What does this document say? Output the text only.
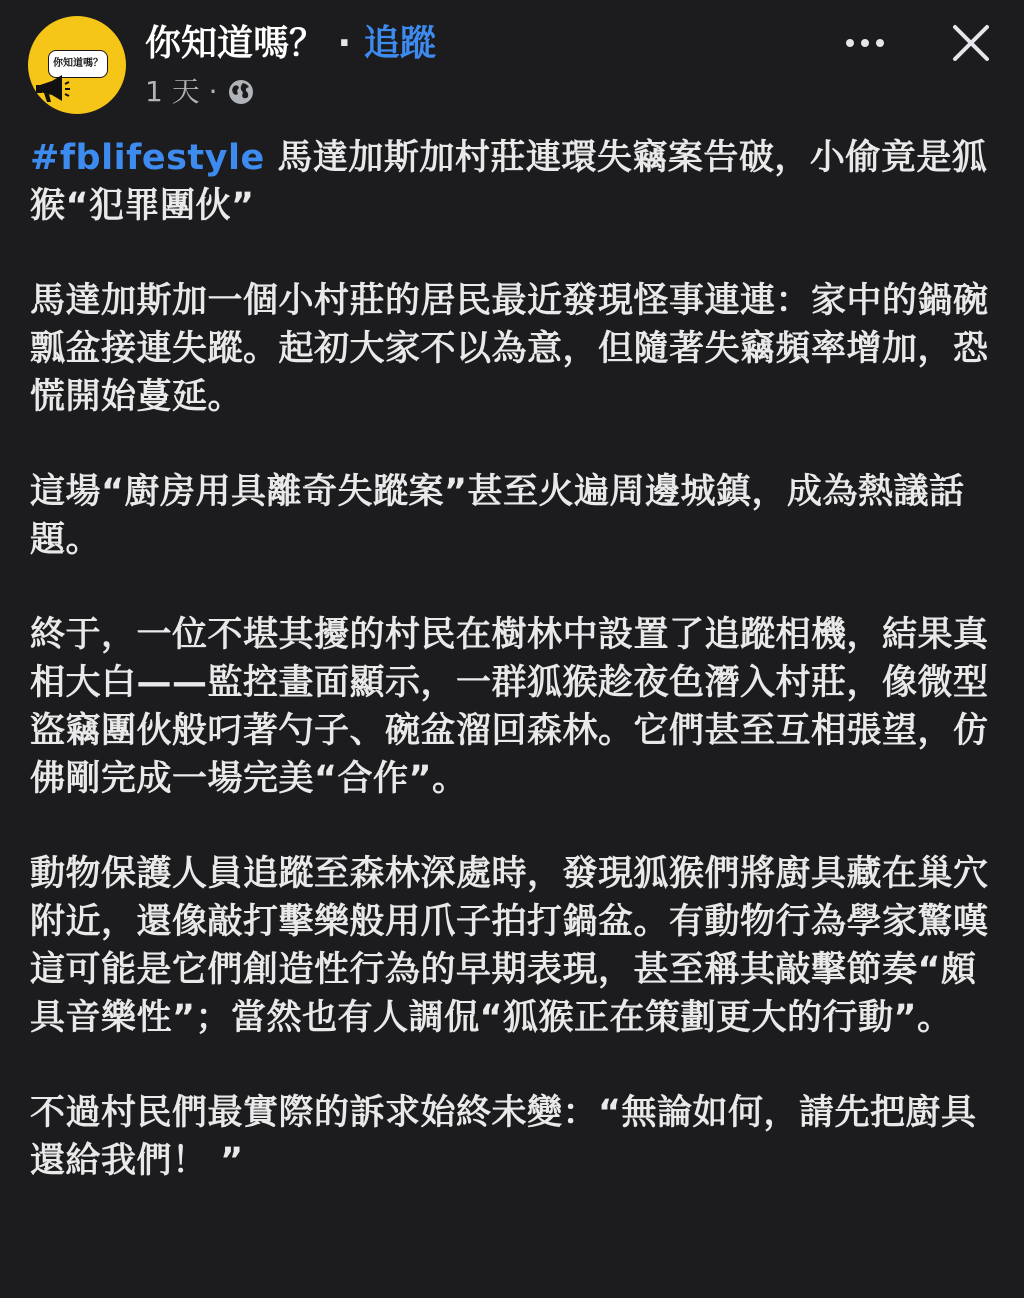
你知道嗎？ 你知道嗎？ · 追蹤
1 天 ·

#fblifestyle 馬達加斯加村莊連環失竊案告破，小偷竟是狐猴“犯罪團伙”

馬達加斯加一個小村莊的居民最近發現怪事連連：家中的鍋碗瓢盆接連失蹤。起初大家不以為意，但隨著失竊頻率增加，恐慌開始蔓延。

這場“廚房用具離奇失蹤案”甚至火遍周邊城鎮，成為熱議話題。

終于，一位不堪其擾的村民在樹林中設置了追蹤相機，結果真相大白——監控畫面顯示，一群狐猴趁夜色潛入村莊，像微型盜竊團伙般叼著勺子、碗盆溜回森林。它們甚至互相張望，仿佛剛完成一場完美“合作”。

動物保護人員追蹤至森林深處時，發現狐猴們將廚具藏在巢穴附近，還像敲打擊樂般用爪子拍打鍋盆。有動物行為學家驚嘆這可能是它們創造性行為的早期表現，甚至稱其敲擊節奏“頗具音樂性”；當然也有人調侃“狐猴正在策劃更大的行動”。

不過村民們最實際的訴求始終未變：“無論如何，請先把廚具還給我們！ ”
